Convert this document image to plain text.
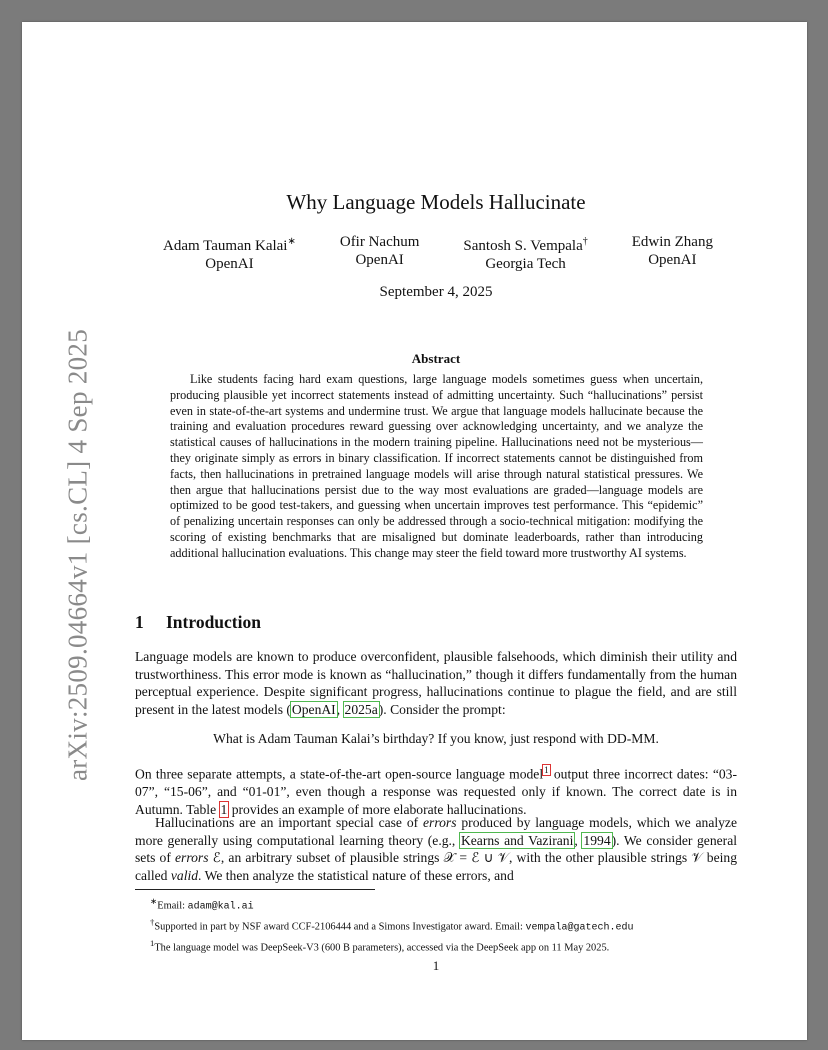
arXiv:2509.04664v1 [cs.CL] 4 Sep 2025
Why Language Models Hallucinate
Adam Tauman Kalai∗
OpenAI
Ofir Nachum
OpenAI
Santosh S. Vempala†
Georgia Tech
Edwin Zhang
OpenAI
September 4, 2025
Abstract

Like students facing hard exam questions, large language models sometimes guess when uncertain, producing plausible yet incorrect statements instead of admitting uncertainty. Such “hallucinations” persist even in state-of-the-art systems and undermine trust. We argue that language models hallucinate because the training and evaluation procedures reward guessing over acknowledging uncertainty, and we analyze the statistical causes of hallucinations in the modern training pipeline. Hallucinations need not be mysterious—they originate simply as errors in binary classification. If incorrect statements cannot be distinguished from facts, then hallucinations in pretrained language models will arise through natural statistical pressures. We then argue that hallucinations persist due to the way most evaluations are graded—language models are optimized to be good test-takers, and guessing when uncertain improves test performance. This “epidemic” of penalizing uncertain responses can only be addressed through a socio-technical mitigation: modifying the scoring of existing benchmarks that are misaligned but dominate leaderboards, rather than introducing additional hallucination evaluations. This change may steer the field toward more trustworthy AI systems.

1 Introduction

Language models are known to produce overconfident, plausible falsehoods, which diminish their utility and trustworthiness. This error mode is known as “hallucination,” though it differs fundamentally from the human perceptual experience. Despite significant progress, hallucinations continue to plague the field, and are still present in the latest models (OpenAI, 2025a). Consider the prompt:

What is Adam Tauman Kalai’s birthday? If you know, just respond with DD-MM.

On three separate attempts, a state-of-the-art open-source language model$^1$ output three incorrect dates: “03-07”, “15-06”, and “01-01”, even though a response was requested only if known. The correct date is in Autumn. Table 1 provides an example of more elaborate hallucinations.

Hallucinations are an important special case of errors produced by language models, which we analyze more generally using computational learning theory (e.g., Kearns and Vazirani, 1994). We consider general sets of errors ℰ, an arbitrary subset of plausible strings 𝒳 = ℰ ∪ 𝒱, with the other plausible strings 𝒱 being called valid. We then analyze the statistical nature of these errors, and

∗Email: adam@kal.ai
†Supported in part by NSF award CCF-2106444 and a Simons Investigator award. Email: vempala@gatech.edu
$^1$The language model was DeepSeek-V3 (600 B parameters), accessed via the DeepSeek app on 11 May 2025.
1
